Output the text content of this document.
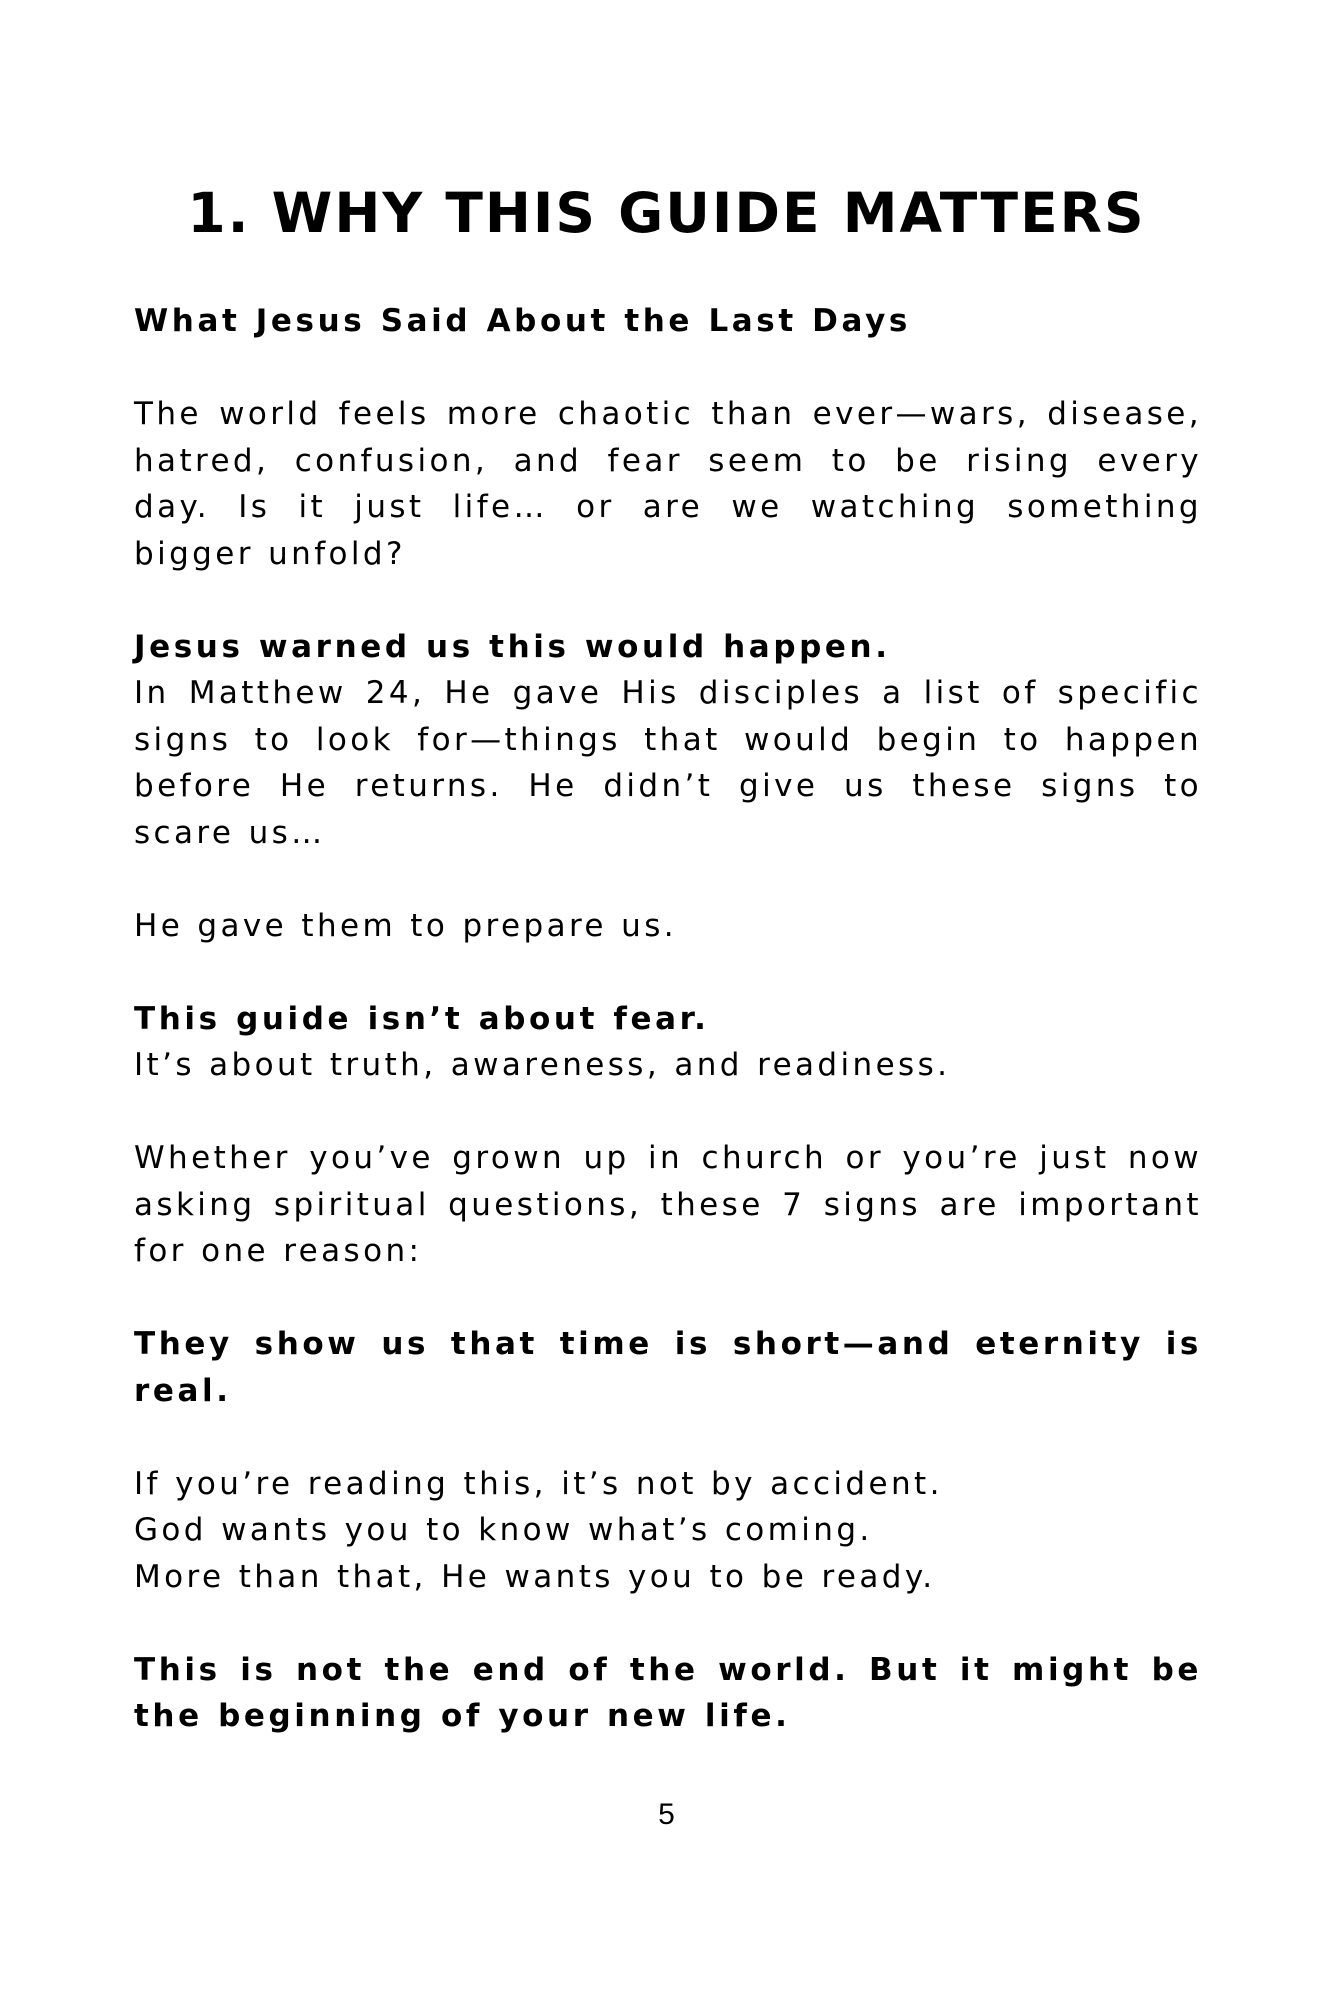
1. WHY THIS GUIDE MATTERS

What Jesus Said About the Last Days

The world feels more chaotic than ever—wars, disease, hatred, confusion, and fear seem to be rising every day. Is it just life… or are we watching something bigger unfold?

Jesus warned us this would happen.

In Matthew 24, He gave His disciples a list of specific signs to look for—things that would begin to happen before He returns. He didn’t give us these signs to scare us…

He gave them to prepare us.

This guide isn’t about fear.

It’s about truth, awareness, and readiness.

Whether you’ve grown up in church or you’re just now asking spiritual questions, these 7 signs are important for one reason:

They show us that time is short—and eternity is real.

If you’re reading this, it’s not by accident.

God wants you to know what’s coming.

More than that, He wants you to be ready.

This is not the end of the world. But it might be the beginning of your new life.

5
